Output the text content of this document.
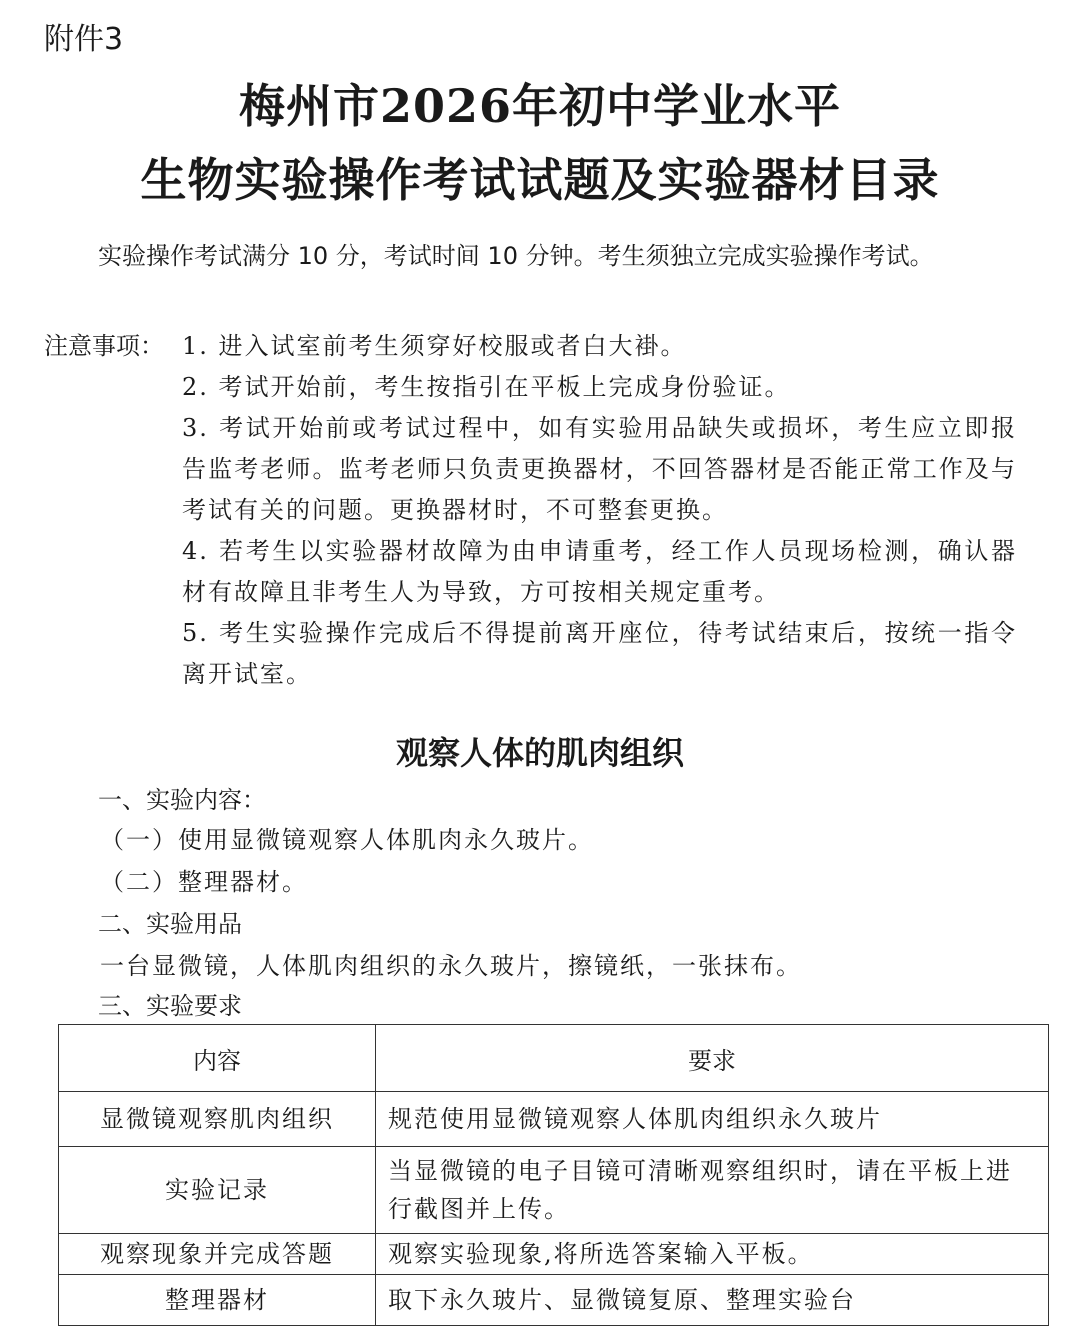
附件3
梅州市2026年初中学业水平
生物实验操作考试试题及实验器材目录
实验操作考试满分 10 分，考试时间 10 分钟。考生须独立完成实验操作考试。
注意事项： 1. 进入试室前考生须穿好校服或者白大褂。
2. 考试开始前，考生按指引在平板上完成身份验证。
3. 考试开始前或考试过程中，如有实验用品缺失或损坏，考生应立即报告监考老师。监考老师只负责更换器材，不回答器材是否能正常工作及与考试有关的问题。更换器材时，不可整套更换。
4. 若考生以实验器材故障为由申请重考，经工作人员现场检测，确认器材有故障且非考生人为导致，方可按相关规定重考。
5. 考生实验操作完成后不得提前离开座位，待考试结束后，按统一指令离开试室。
观察人体的肌肉组织
一、实验内容：
（一）使用显微镜观察人体肌肉永久玻片。
（二）整理器材。
二、实验用品
一台显微镜，人体肌肉组织的永久玻片，擦镜纸，一张抹布。
三、实验要求
内容	要求
显微镜观察肌肉组织	规范使用显微镜观察人体肌肉组织永久玻片
实验记录	当显微镜的电子目镜可清晰观察组织时，请在平板上进行截图并上传。
观察现象并完成答题	观察实验现象,将所选答案输入平板。
整理器材	取下永久玻片、显微镜复原、整理实验台
